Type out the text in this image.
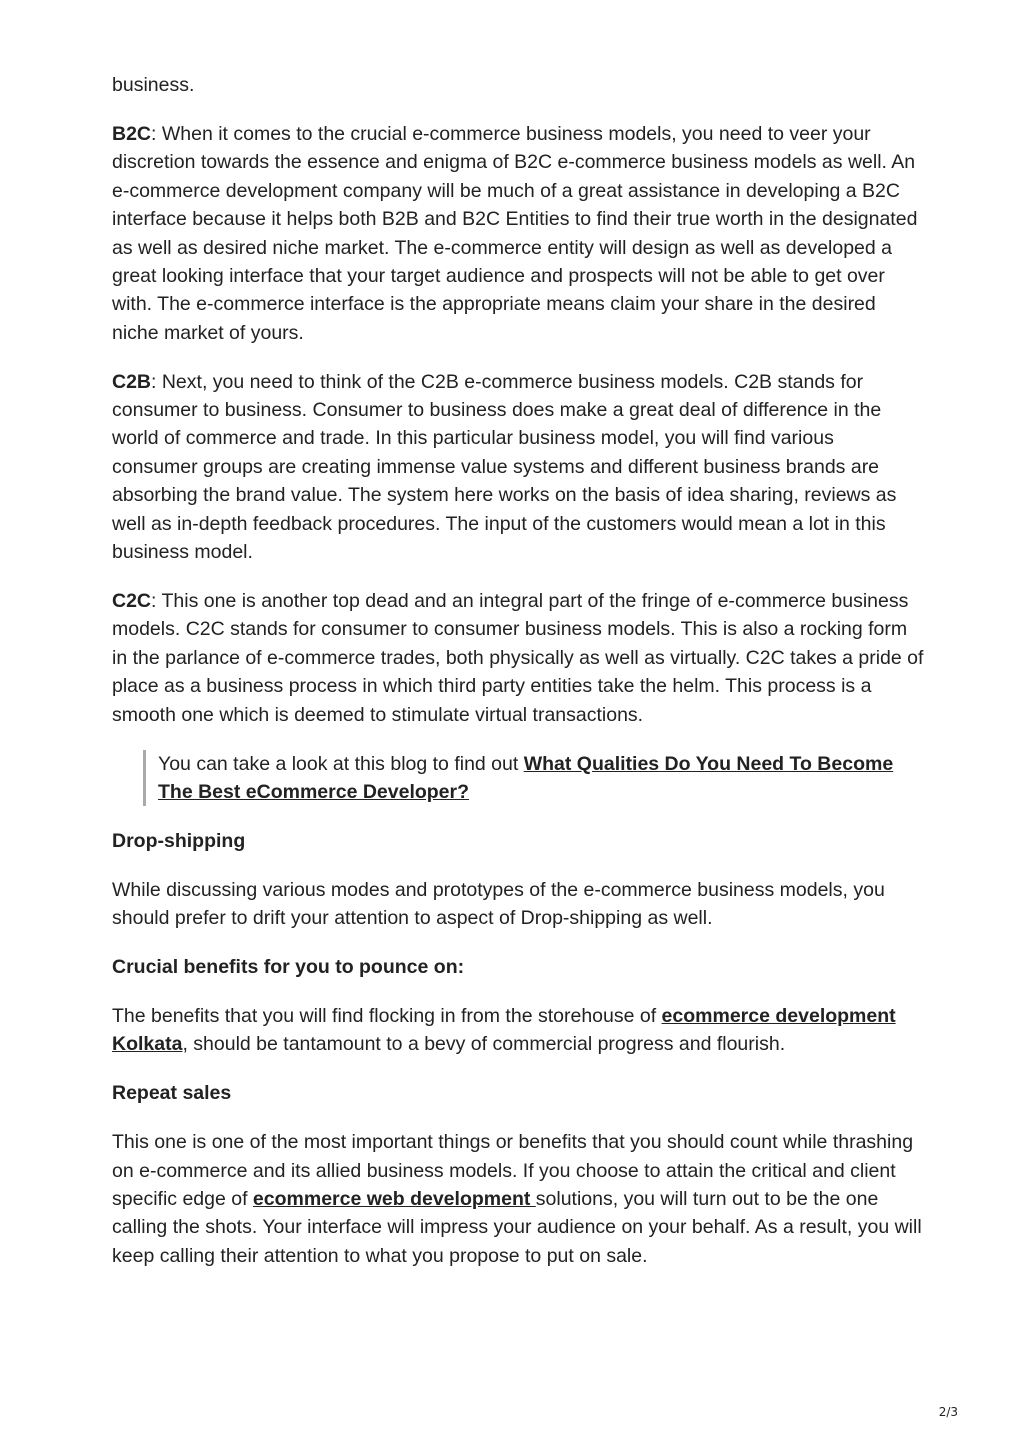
business.

B2C: When it comes to the crucial e-commerce business models, you need to veer your discretion towards the essence and enigma of B2C e-commerce business models as well. An e-commerce development company will be much of a great assistance in developing a B2C interface because it helps both B2B and B2C Entities to find their true worth in the designated as well as desired niche market. The e-commerce entity will design as well as developed a great looking interface that your target audience and prospects will not be able to get over with. The e-commerce interface is the appropriate means claim your share in the desired niche market of yours.

C2B: Next, you need to think of the C2B e-commerce business models. C2B stands for consumer to business. Consumer to business does make a great deal of difference in the world of commerce and trade. In this particular business model, you will find various consumer groups are creating immense value systems and different business brands are absorbing the brand value. The system here works on the basis of idea sharing, reviews as well as in-depth feedback procedures. The input of the customers would mean a lot in this business model.

C2C: This one is another top dead and an integral part of the fringe of e-commerce business models. C2C stands for consumer to consumer business models. This is also a rocking form in the parlance of e-commerce trades, both physically as well as virtually. C2C takes a pride of place as a business process in which third party entities take the helm. This process is a smooth one which is deemed to stimulate virtual transactions.

You can take a look at this blog to find out What Qualities Do You Need To Become The Best eCommerce Developer?

Drop-shipping

While discussing various modes and prototypes of the e-commerce business models, you should prefer to drift your attention to aspect of Drop-shipping as well.

Crucial benefits for you to pounce on:

The benefits that you will find flocking in from the storehouse of ecommerce development Kolkata, should be tantamount to a bevy of commercial progress and flourish.

Repeat sales

This one is one of the most important things or benefits that you should count while thrashing on e-commerce and its allied business models. If you choose to attain the critical and client specific edge of ecommerce web development solutions, you will turn out to be the one calling the shots. Your interface will impress your audience on your behalf. As a result, you will keep calling their attention to what you propose to put on sale.

2/3
